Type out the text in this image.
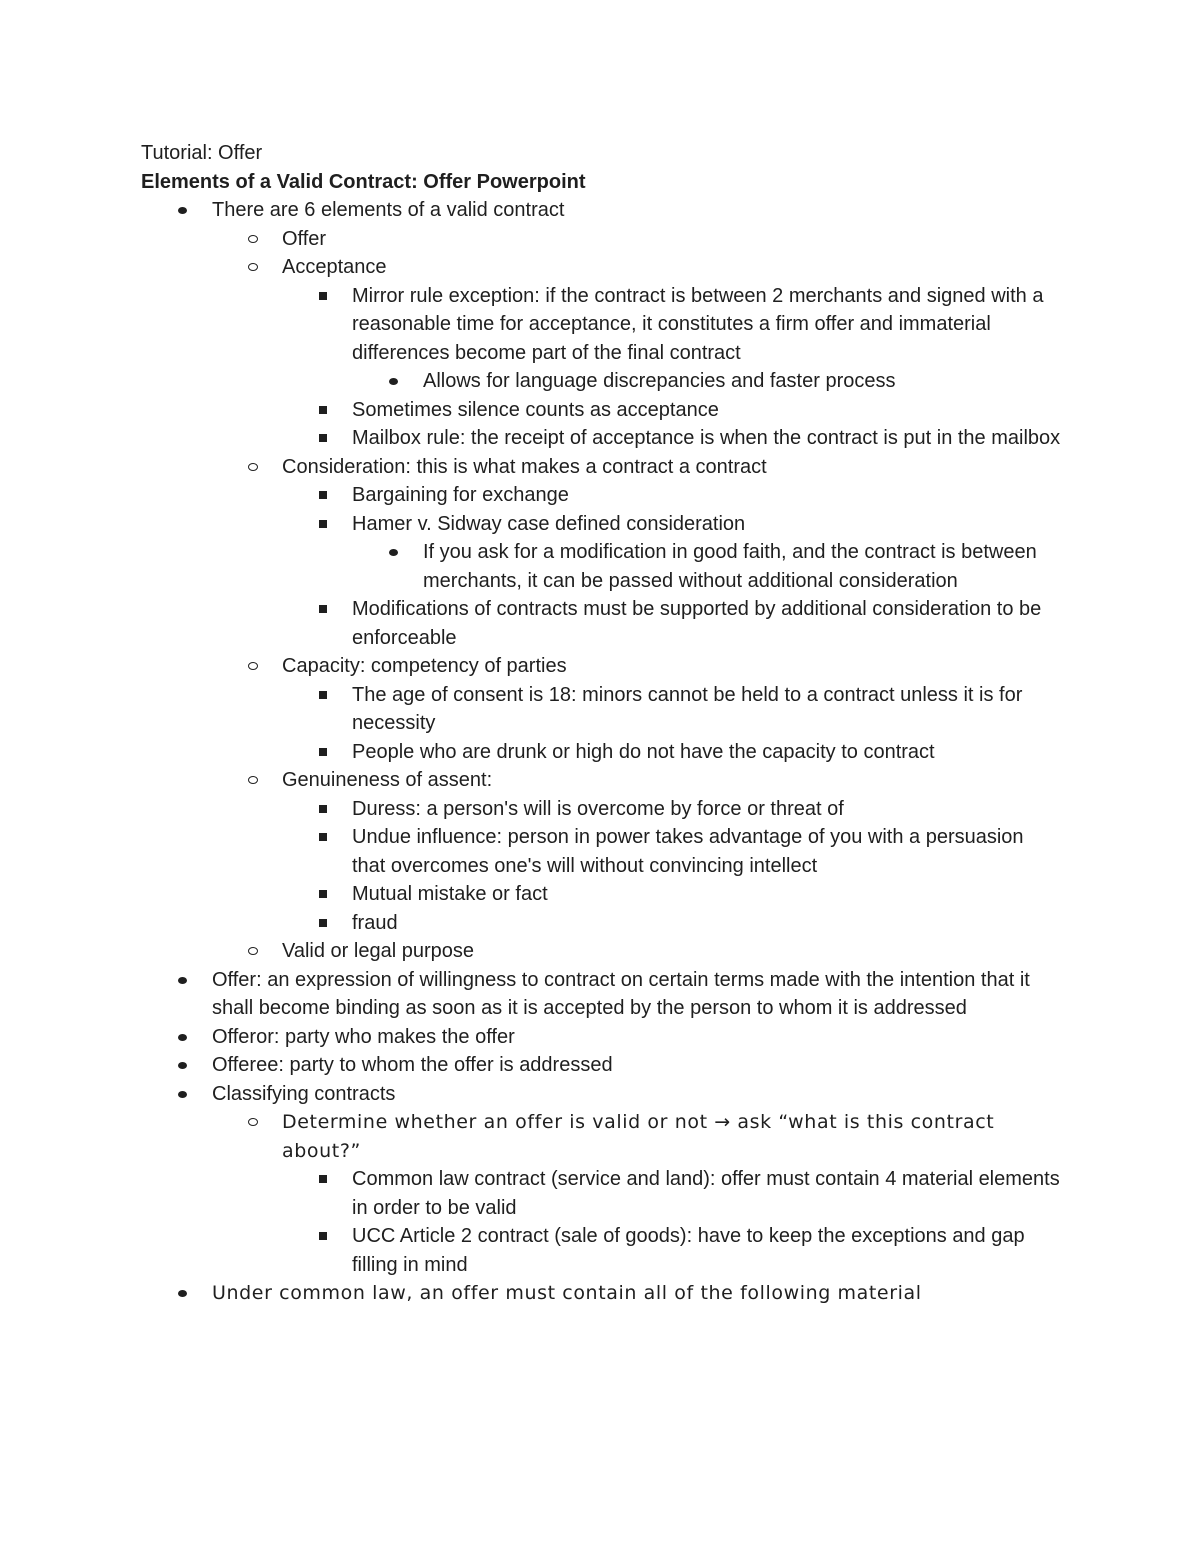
Tutorial: Offer
Elements of a Valid Contract: Offer Powerpoint
There are 6 elements of a valid contract
Offer
Acceptance
Mirror rule exception: if the contract is between 2 merchants and signed with a reasonable time for acceptance, it constitutes a firm offer and immaterial differences become part of the final contract
Allows for language discrepancies and faster process
Sometimes silence counts as acceptance
Mailbox rule: the receipt of acceptance is when the contract is put in the mailbox
Consideration: this is what makes a contract a contract
Bargaining for exchange
Hamer v. Sidway case defined consideration
If you ask for a modification in good faith, and the contract is between merchants, it can be passed without additional consideration
Modifications of contracts must be supported by additional consideration to be enforceable
Capacity: competency of parties
The age of consent is 18: minors cannot be held to a contract unless it is for necessity
People who are drunk or high do not have the capacity to contract
Genuineness of assent:
Duress: a person's will is overcome by force or threat of
Undue influence: person in power takes advantage of you with a persuasion that overcomes one's will without convincing intellect
Mutual mistake or fact
fraud
Valid or legal purpose
Offer: an expression of willingness to contract on certain terms made with the intention that it shall become binding as soon as it is accepted by the person to whom it is addressed
Offeror: party who makes the offer
Offeree: party to whom the offer is addressed
Classifying contracts
Determine whether an offer is valid or not → ask “what is this contract about?”
Common law contract (service and land): offer must contain 4 material elements in order to be valid
UCC Article 2 contract (sale of goods): have to keep the exceptions and gap filling in mind
Under common law, an offer must contain all of the following material
